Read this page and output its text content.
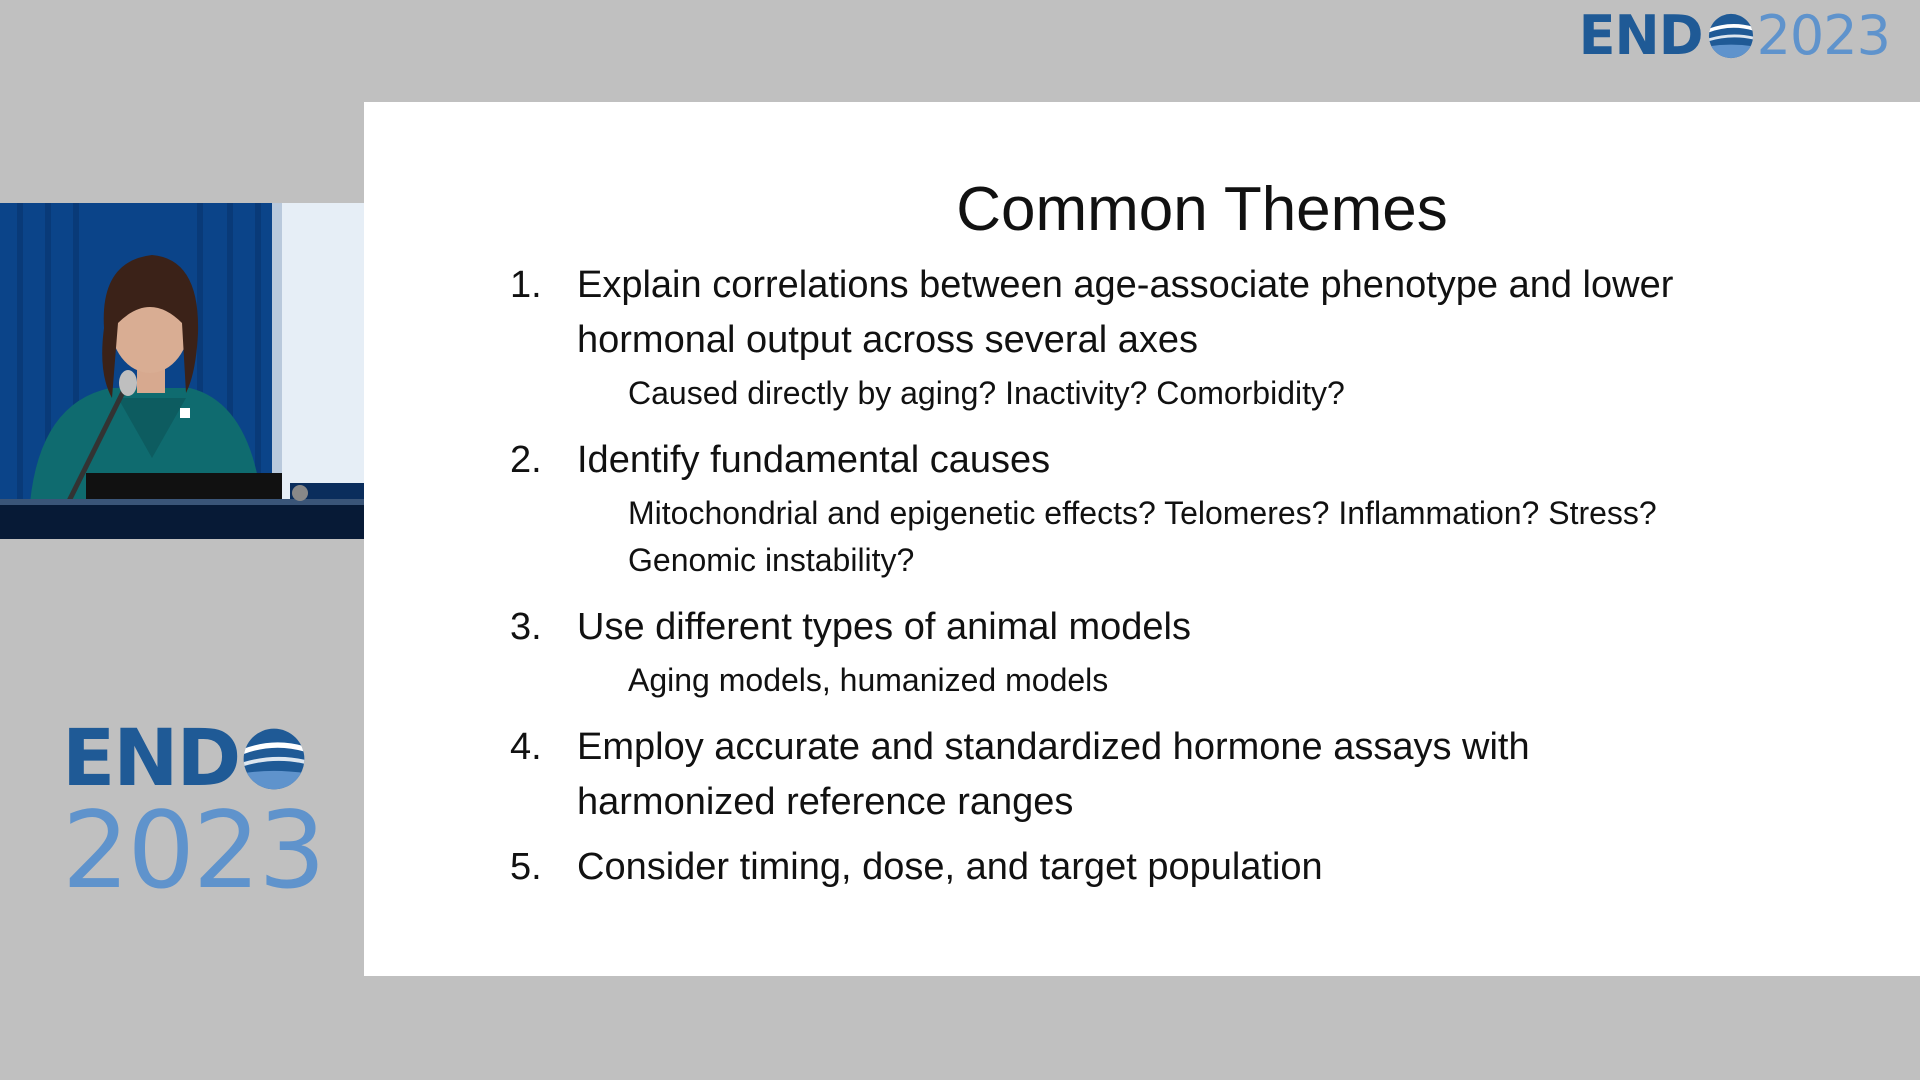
END 2023
END
2023
Common Themes
1. Explain correlations between age-associate phenotype and lower hormonal output across several axes
Caused directly by aging? Inactivity? Comorbidity?
2. Identify fundamental causes
Mitochondrial and epigenetic effects? Telomeres? Inflammation? Stress? Genomic instability?
3. Use different types of animal models
Aging models, humanized models
4. Employ accurate and standardized hormone assays with harmonized reference ranges
5. Consider timing, dose, and target population
